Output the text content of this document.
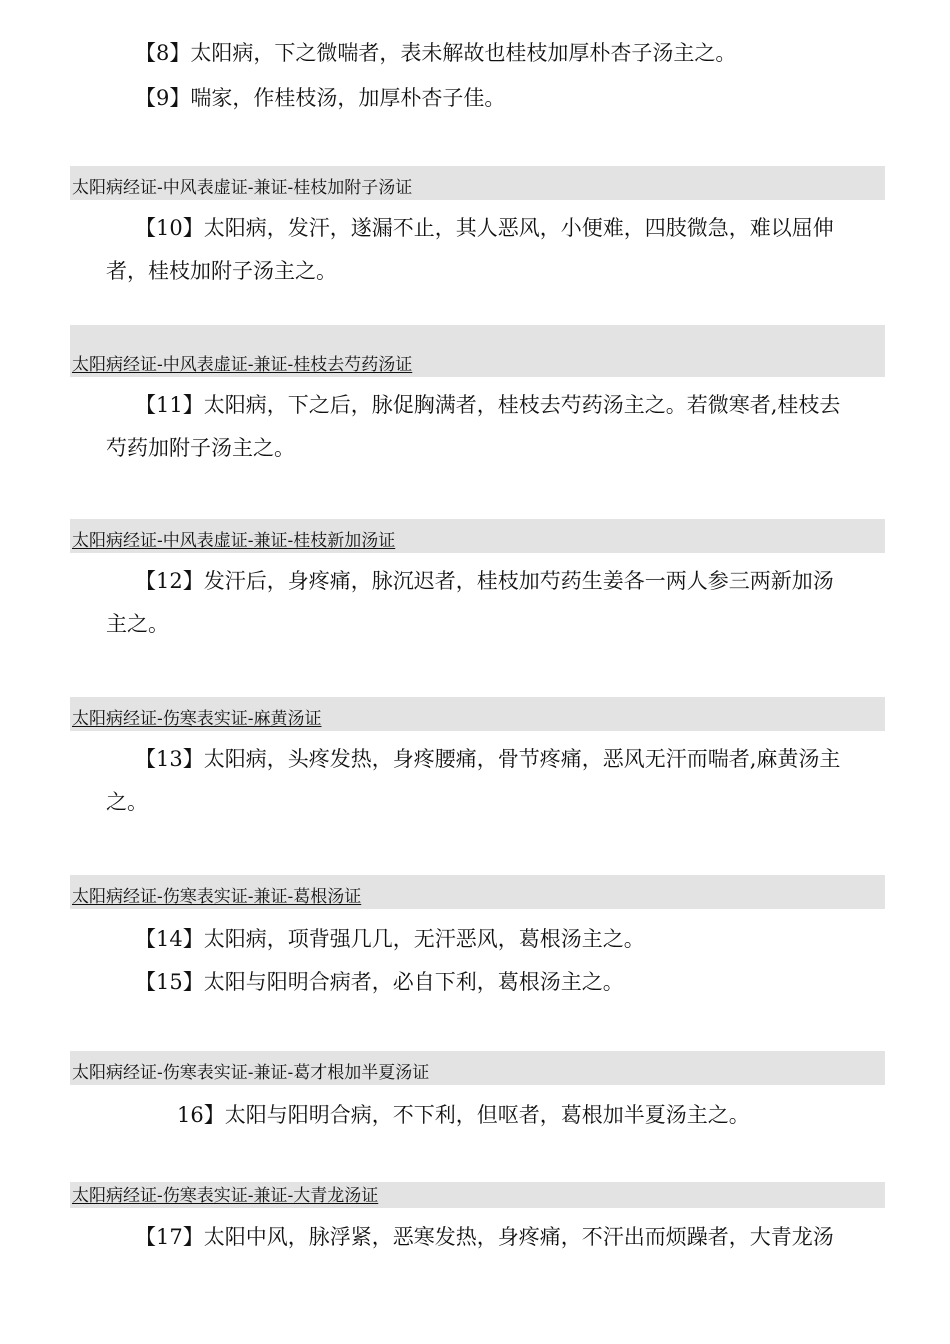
【8】太阳病，下之微喘者，表未解故也桂枝加厚朴杏子汤主之。
【9】喘家，作桂枝汤，加厚朴杏子佳。
太阳病经证-中风表虚证-兼证-桂枝加附子汤证
【10】太阳病，发汗，遂漏不止，其人恶风，小便难，四肢微急，难以屈伸
者，桂枝加附子汤主之。
太阳病经证-中风表虚证-兼证-桂枝去芍药汤证
【11】太阳病，下之后，脉促胸满者，桂枝去芍药汤主之。若微寒者,桂枝去
芍药加附子汤主之。
太阳病经证-中风表虚证-兼证-桂枝新加汤证
【12】发汗后，身疼痛，脉沉迟者，桂枝加芍药生姜各一两人参三两新加汤
主之。
太阳病经证-伤寒表实证-麻黄汤证
【13】太阳病，头疼发热，身疼腰痛，骨节疼痛，恶风无汗而喘者,麻黄汤主
之。
太阳病经证-伤寒表实证-兼证-葛根汤证
【14】太阳病，项背强几几，无汗恶风，葛根汤主之。
【15】太阳与阳明合病者，必自下利，葛根汤主之。
太阳病经证-伤寒表实证-兼证-葛才根加半夏汤证
16】太阳与阳明合病，不下利，但呕者，葛根加半夏汤主之。
太阳病经证-伤寒表实证-兼证-大青龙汤证
【17】太阳中风，脉浮紧，恶寒发热，身疼痛，不汗出而烦躁者，大青龙汤
